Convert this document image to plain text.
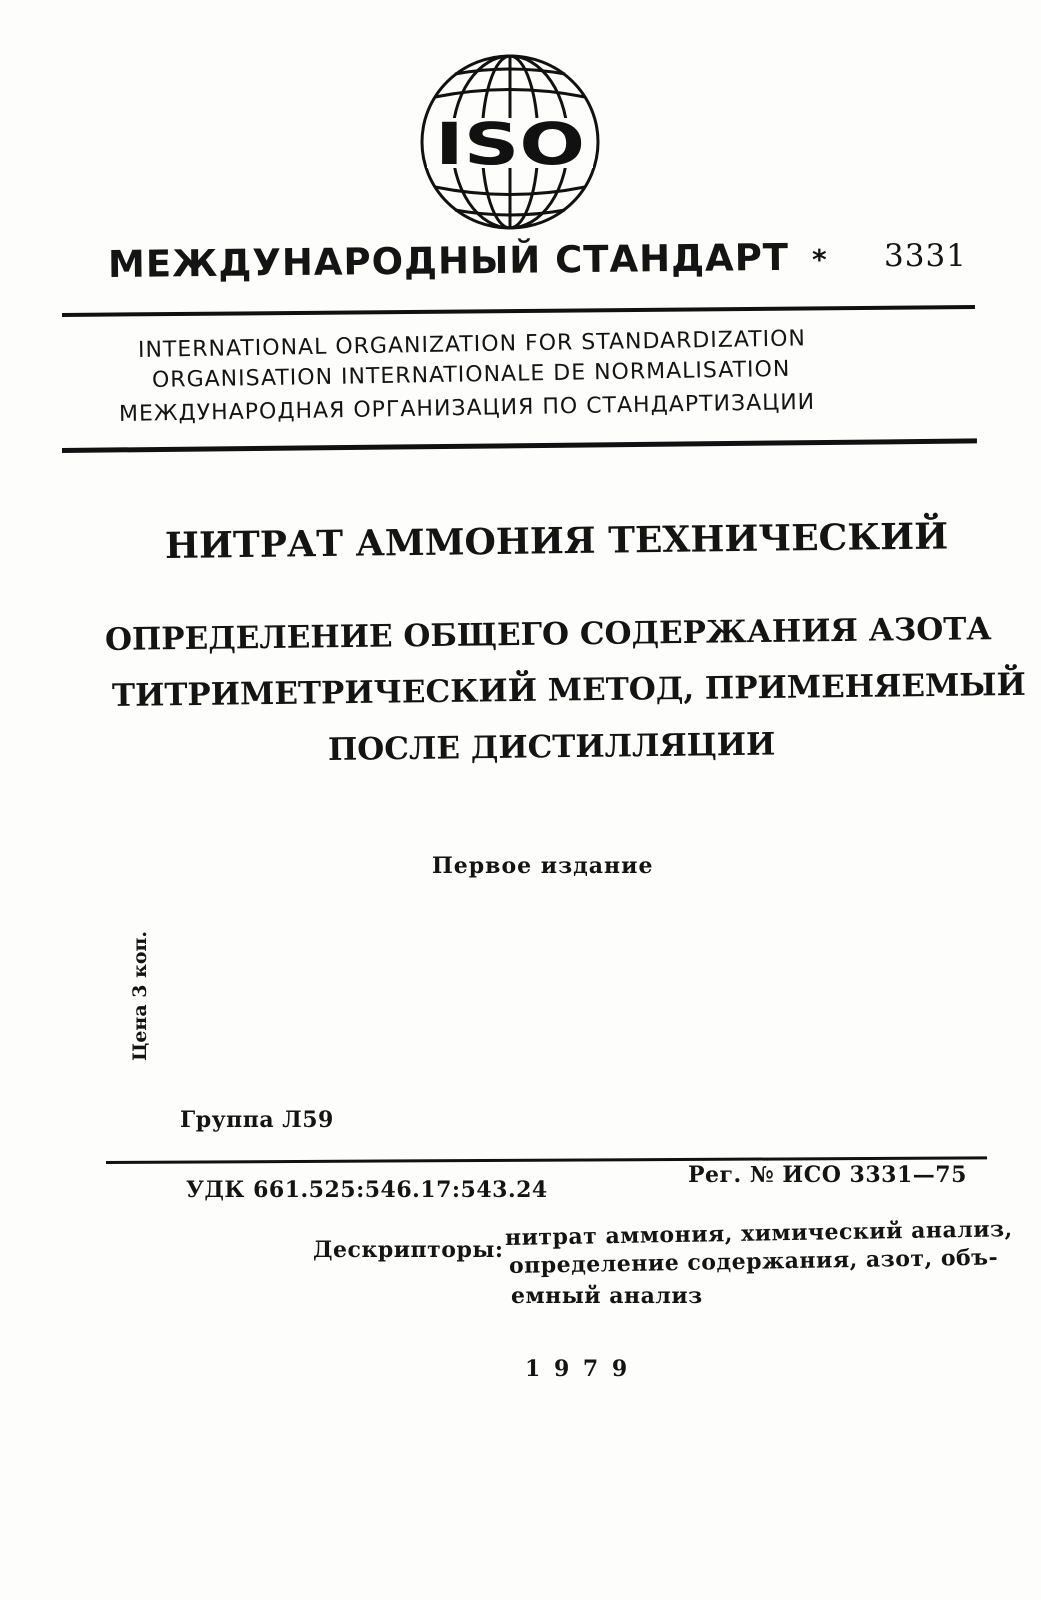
ISO
МЕЖДУНАРОДНЫЙ СТАНДАРТ * 3331
INTERNATIONAL ORGANIZATION FOR STANDARDIZATION
ORGANISATION INTERNATIONALE DE NORMALISATION
МЕЖДУНАРОДНАЯ ОРГАНИЗАЦИЯ ПО СТАНДАРТИЗАЦИИ
НИТРАТ АММОНИЯ ТЕХНИЧЕСКИЙ
ОПРЕДЕЛЕНИЕ ОБЩЕГО СОДЕРЖАНИЯ АЗОТА
ТИТРИМЕТРИЧЕСКИЙ МЕТОД, ПРИМЕНЯЕМЫЙ
ПОСЛЕ ДИСТИЛЛЯЦИИ
Первое издание
Цена 3 коп.
Группа Л59
УДК 661.525:546.17:543.24
Рег. № ИСО 3331—75
Дескрипторы: нитрат аммония, химический анализ,
определение содержания, азот, объ-
емный анализ
1 9 7 9
